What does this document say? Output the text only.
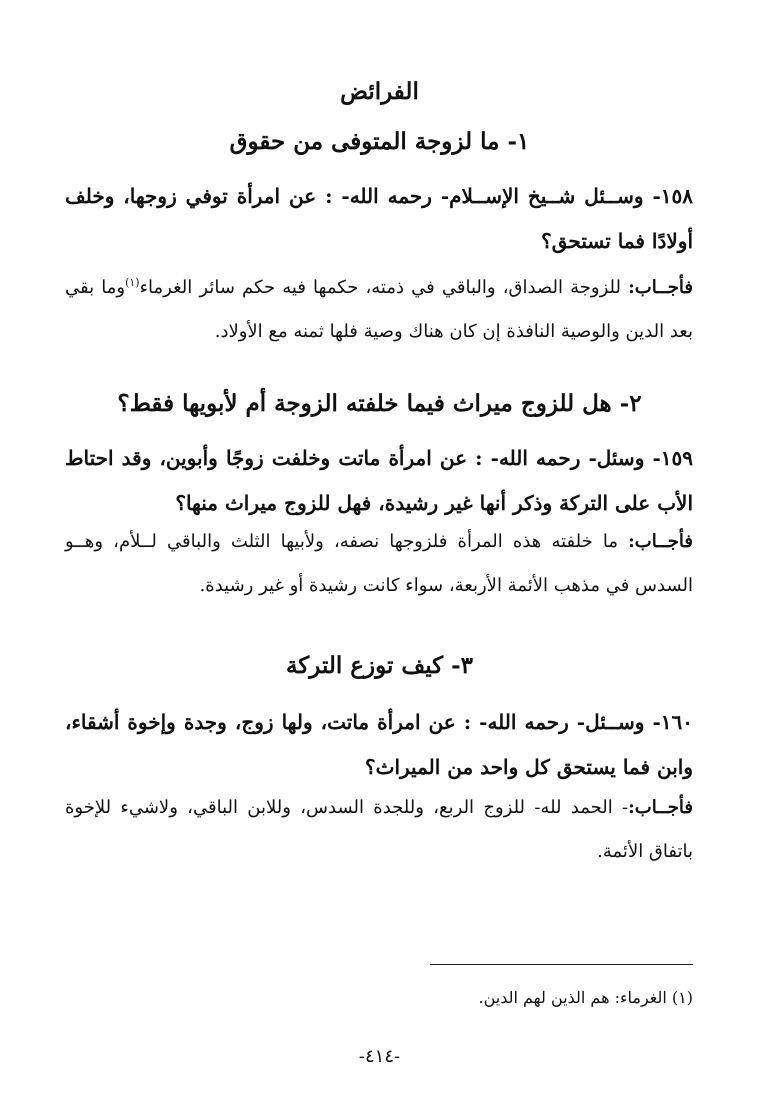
الفرائض
١- ما لزوجة المتوفى من حقوق
١٥٨- وســئل شــيخ الإســلام- رحمه الله- : عن امرأة توفي زوجها، وخلف أولادًا فما تستحق؟
فأجــاب: للزوجة الصداق، والباقي في ذمته، حكمها فيه حكم سائر الغرماء$^{(١)}$وما بقي بعد الدين والوصية النافذة إن كان هناك وصية فلها ثمنه مع الأولاد.
٢- هل للزوج ميراث فيما خلفته الزوجة أم لأبويها فقط؟
١٥٩- وسئل- رحمه الله- : عن امرأة ماتت وخلفت زوجًا وأبوين، وقد احتاط الأب على التركة وذكر أنها غير رشيدة، فهل للزوج ميراث منها؟
فأجــاب: ما خلفته هذه المرأة فلزوجها نصفه، ولأبيها الثلث والباقي لــلأم، وهــو السدس في مذهب الأئمة الأربعة، سواء كانت رشيدة أو غير رشيدة.
٣- كيف توزع التركة
١٦٠- وســئل- رحمه الله- : عن امرأة ماتت، ولها زوج، وجدة وإخوة أشقاء، وابن فما يستحق كل واحد من الميراث؟
فأجــاب:- الحمد لله- للزوج الربع، وللجدة السدس، وللابن الباقي، ولاشيء للإخوة باتفاق الأئمة.
(١) الغرماء: هم الذين لهم الدين.
-٤١٤-
